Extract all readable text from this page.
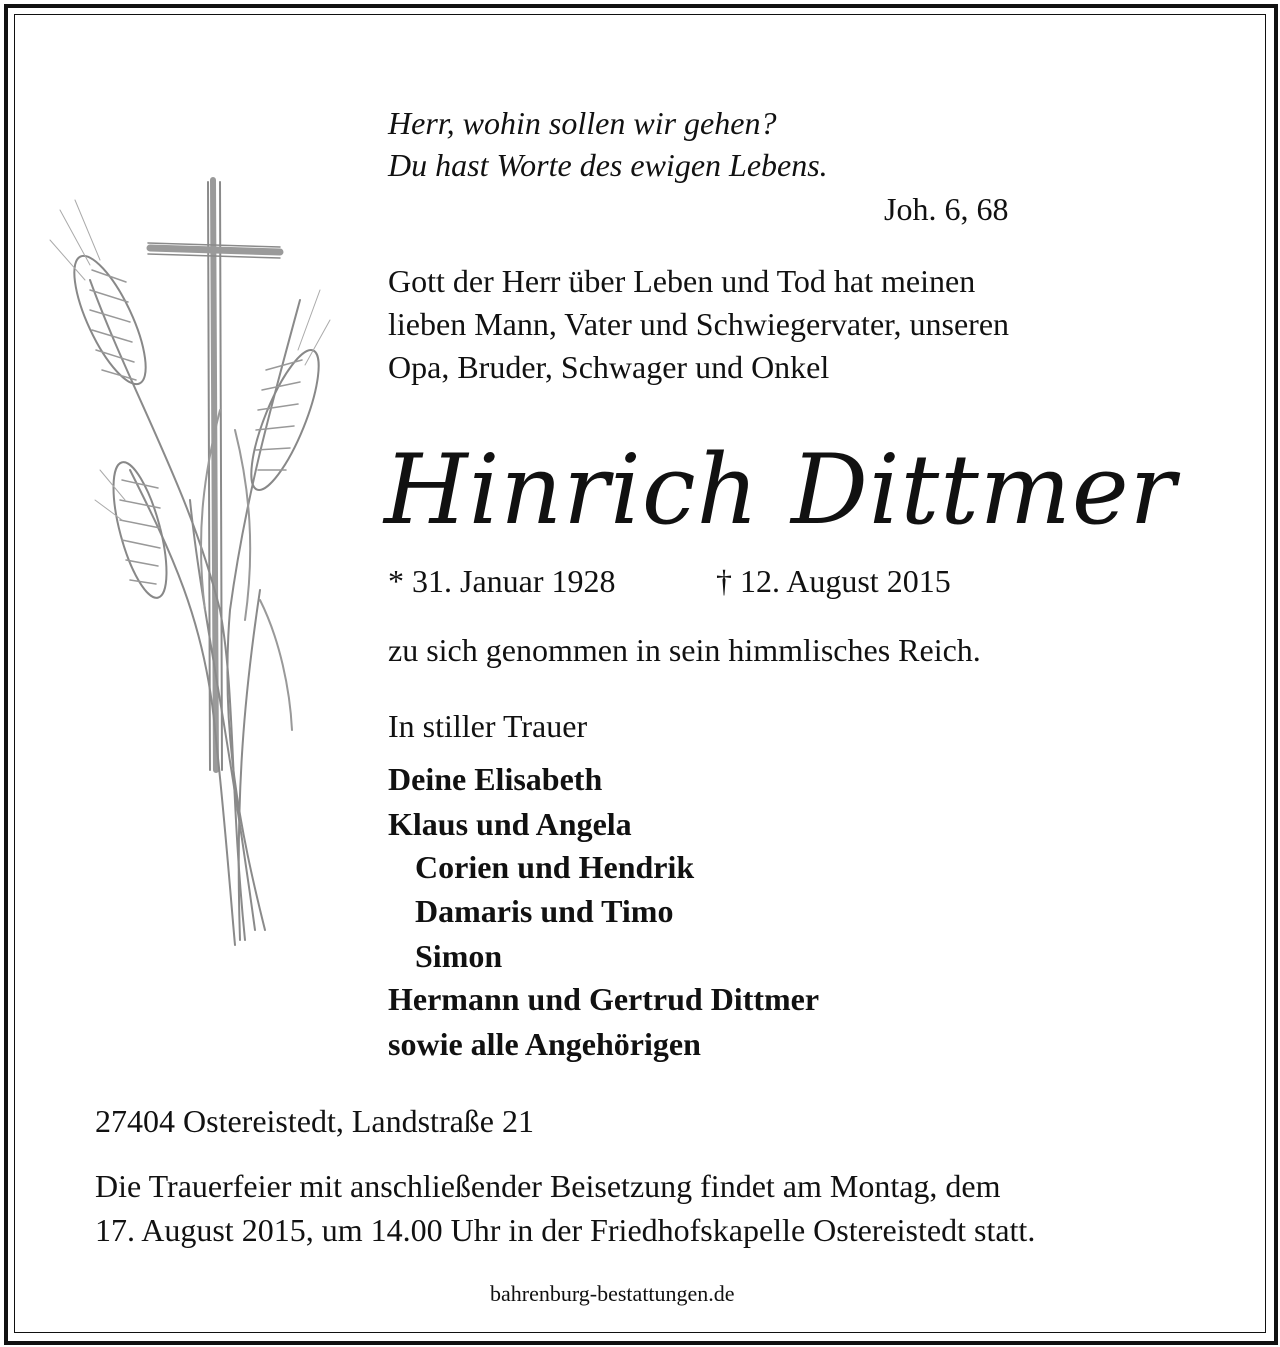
Herr, wohin sollen wir gehen?
Du hast Worte des ewigen Lebens.
Joh. 6, 68
Gott der Herr über Leben und Tod hat meinen
lieben Mann, Vater und Schwiegervater, unseren
Opa, Bruder, Schwager und Onkel
Hinrich Dittmer
* 31. Januar 1928	† 12. August 2015
zu sich genommen in sein himmlisches Reich.
In stiller Trauer
Deine Elisabeth
Klaus und Angela
Corien und Hendrik
Damaris und Timo
Simon
Hermann und Gertrud Dittmer
sowie alle Angehörigen
27404 Ostereistedt, Landstraße 21
Die Trauerfeier mit anschließender Beisetzung findet am Montag, dem
17. August 2015, um 14.00 Uhr in der Friedhofskapelle Ostereistedt statt.
bahrenburg-bestattungen.de
